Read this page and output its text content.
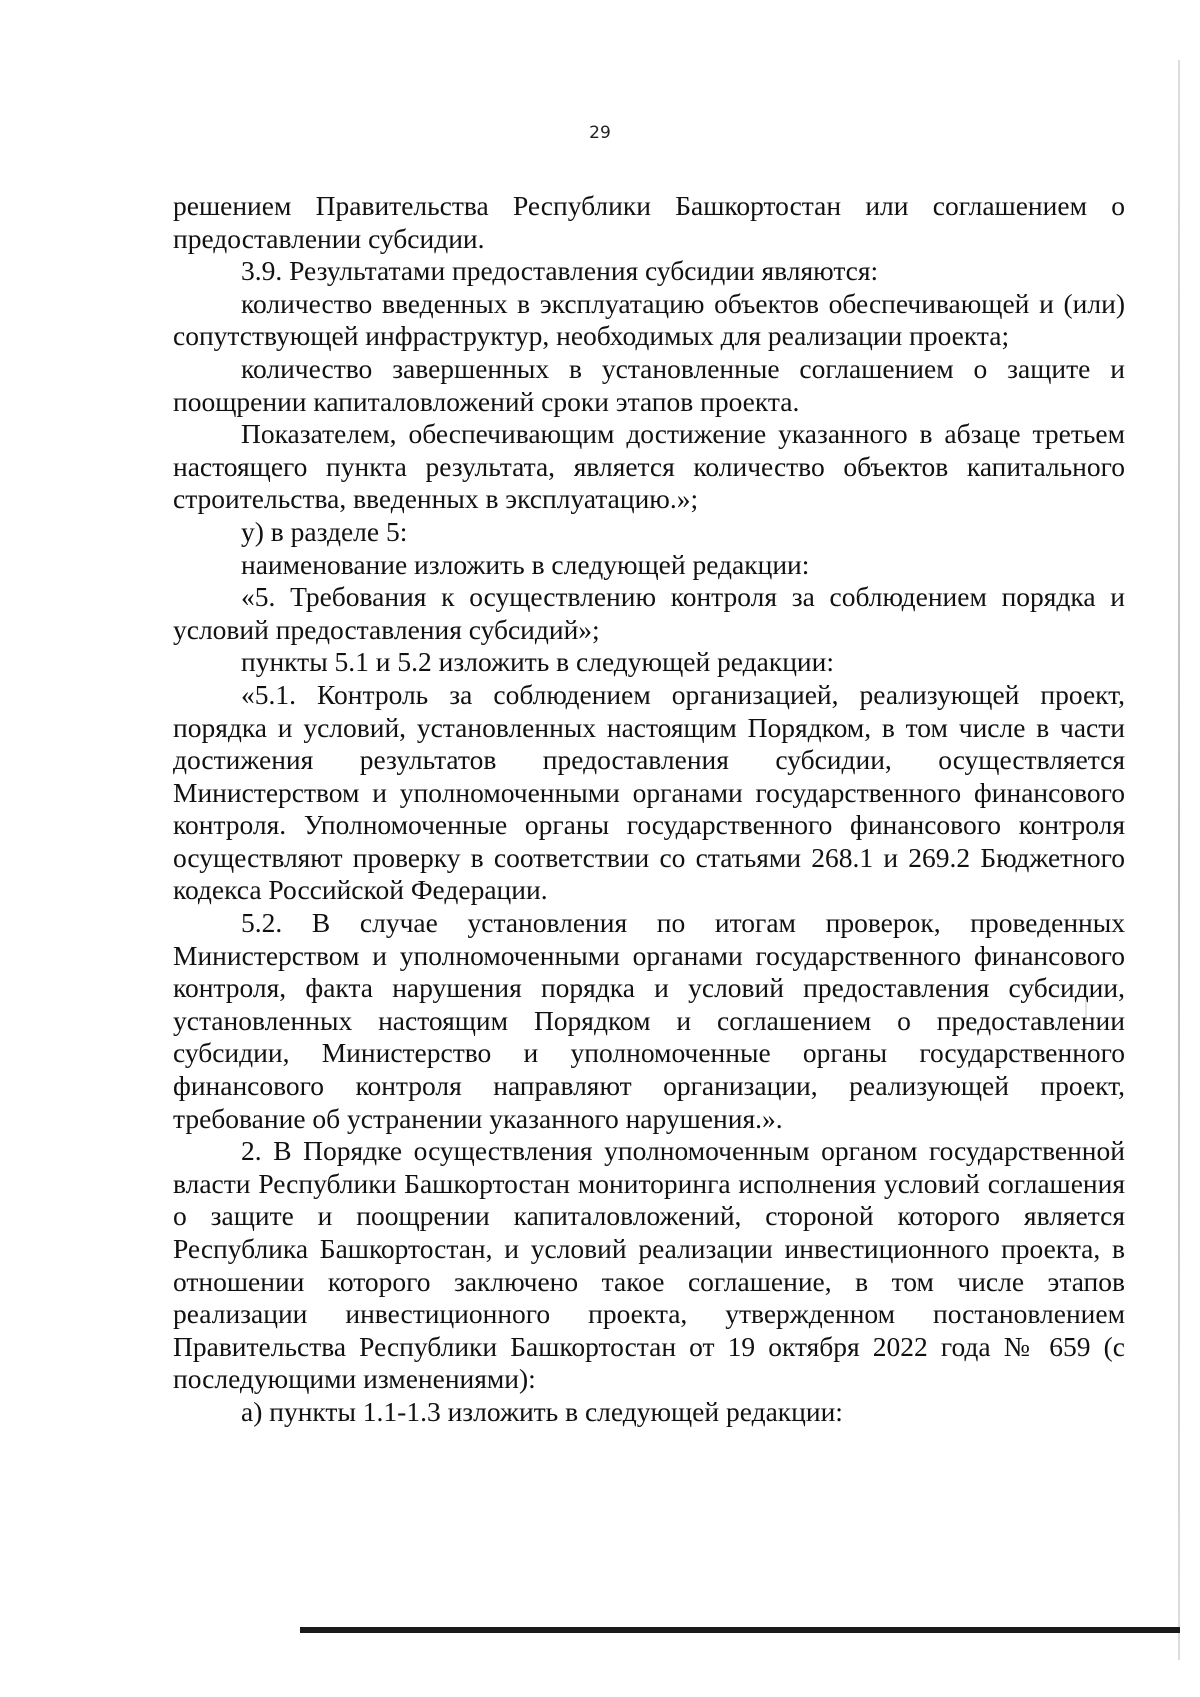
29

решением Правительства Республики Башкортостан или соглашением о предоставлении субсидии.

3.9. Результатами предоставления субсидии являются:

количество введенных в эксплуатацию объектов обеспечивающей и (или) сопутствующей инфраструктур, необходимых для реализации проекта;

количество завершенных в установленные соглашением о защите и поощрении капиталовложений сроки этапов проекта.

Показателем, обеспечивающим достижение указанного в абзаце третьем настоящего пункта результата, является количество объектов капитального строительства, введенных в эксплуатацию.»;

у) в разделе 5:

наименование изложить в следующей редакции:

«5. Требования к осуществлению контроля за соблюдением порядка и условий предоставления субсидий»;

пункты 5.1 и 5.2 изложить в следующей редакции:

«5.1. Контроль за соблюдением организацией, реализующей проект, порядка и условий, установленных настоящим Порядком, в том числе в части достижения результатов предоставления субсидии, осуществляется Министерством и уполномоченными органами государственного финансового контроля. Уполномоченные органы государственного финансового контроля осуществляют проверку в соответствии со статьями 268.1 и 269.2 Бюджетного кодекса Российской Федерации.

5.2. В случае установления по итогам проверок, проведенных Министерством и уполномоченными органами государственного финансового контроля, факта нарушения порядка и условий предоставления субсидии, установленных настоящим Порядком и соглашением о предоставлении субсидии, Министерство и уполномоченные органы государственного финансового контроля направляют организации, реализующей проект, требование об устранении указанного нарушения.».

2. В Порядке осуществления уполномоченным органом государственной власти Республики Башкортостан мониторинга исполнения условий соглашения о защите и поощрении капиталовложений, стороной которого является Республика Башкортостан, и условий реализации инвестиционного проекта, в отношении которого заключено такое соглашение, в том числе этапов реализации инвестиционного проекта, утвержденном постановлением Правительства Республики Башкортостан от 19 октября 2022 года № 659 (с последующими изменениями):

а) пункты 1.1-1.3 изложить в следующей редакции:
